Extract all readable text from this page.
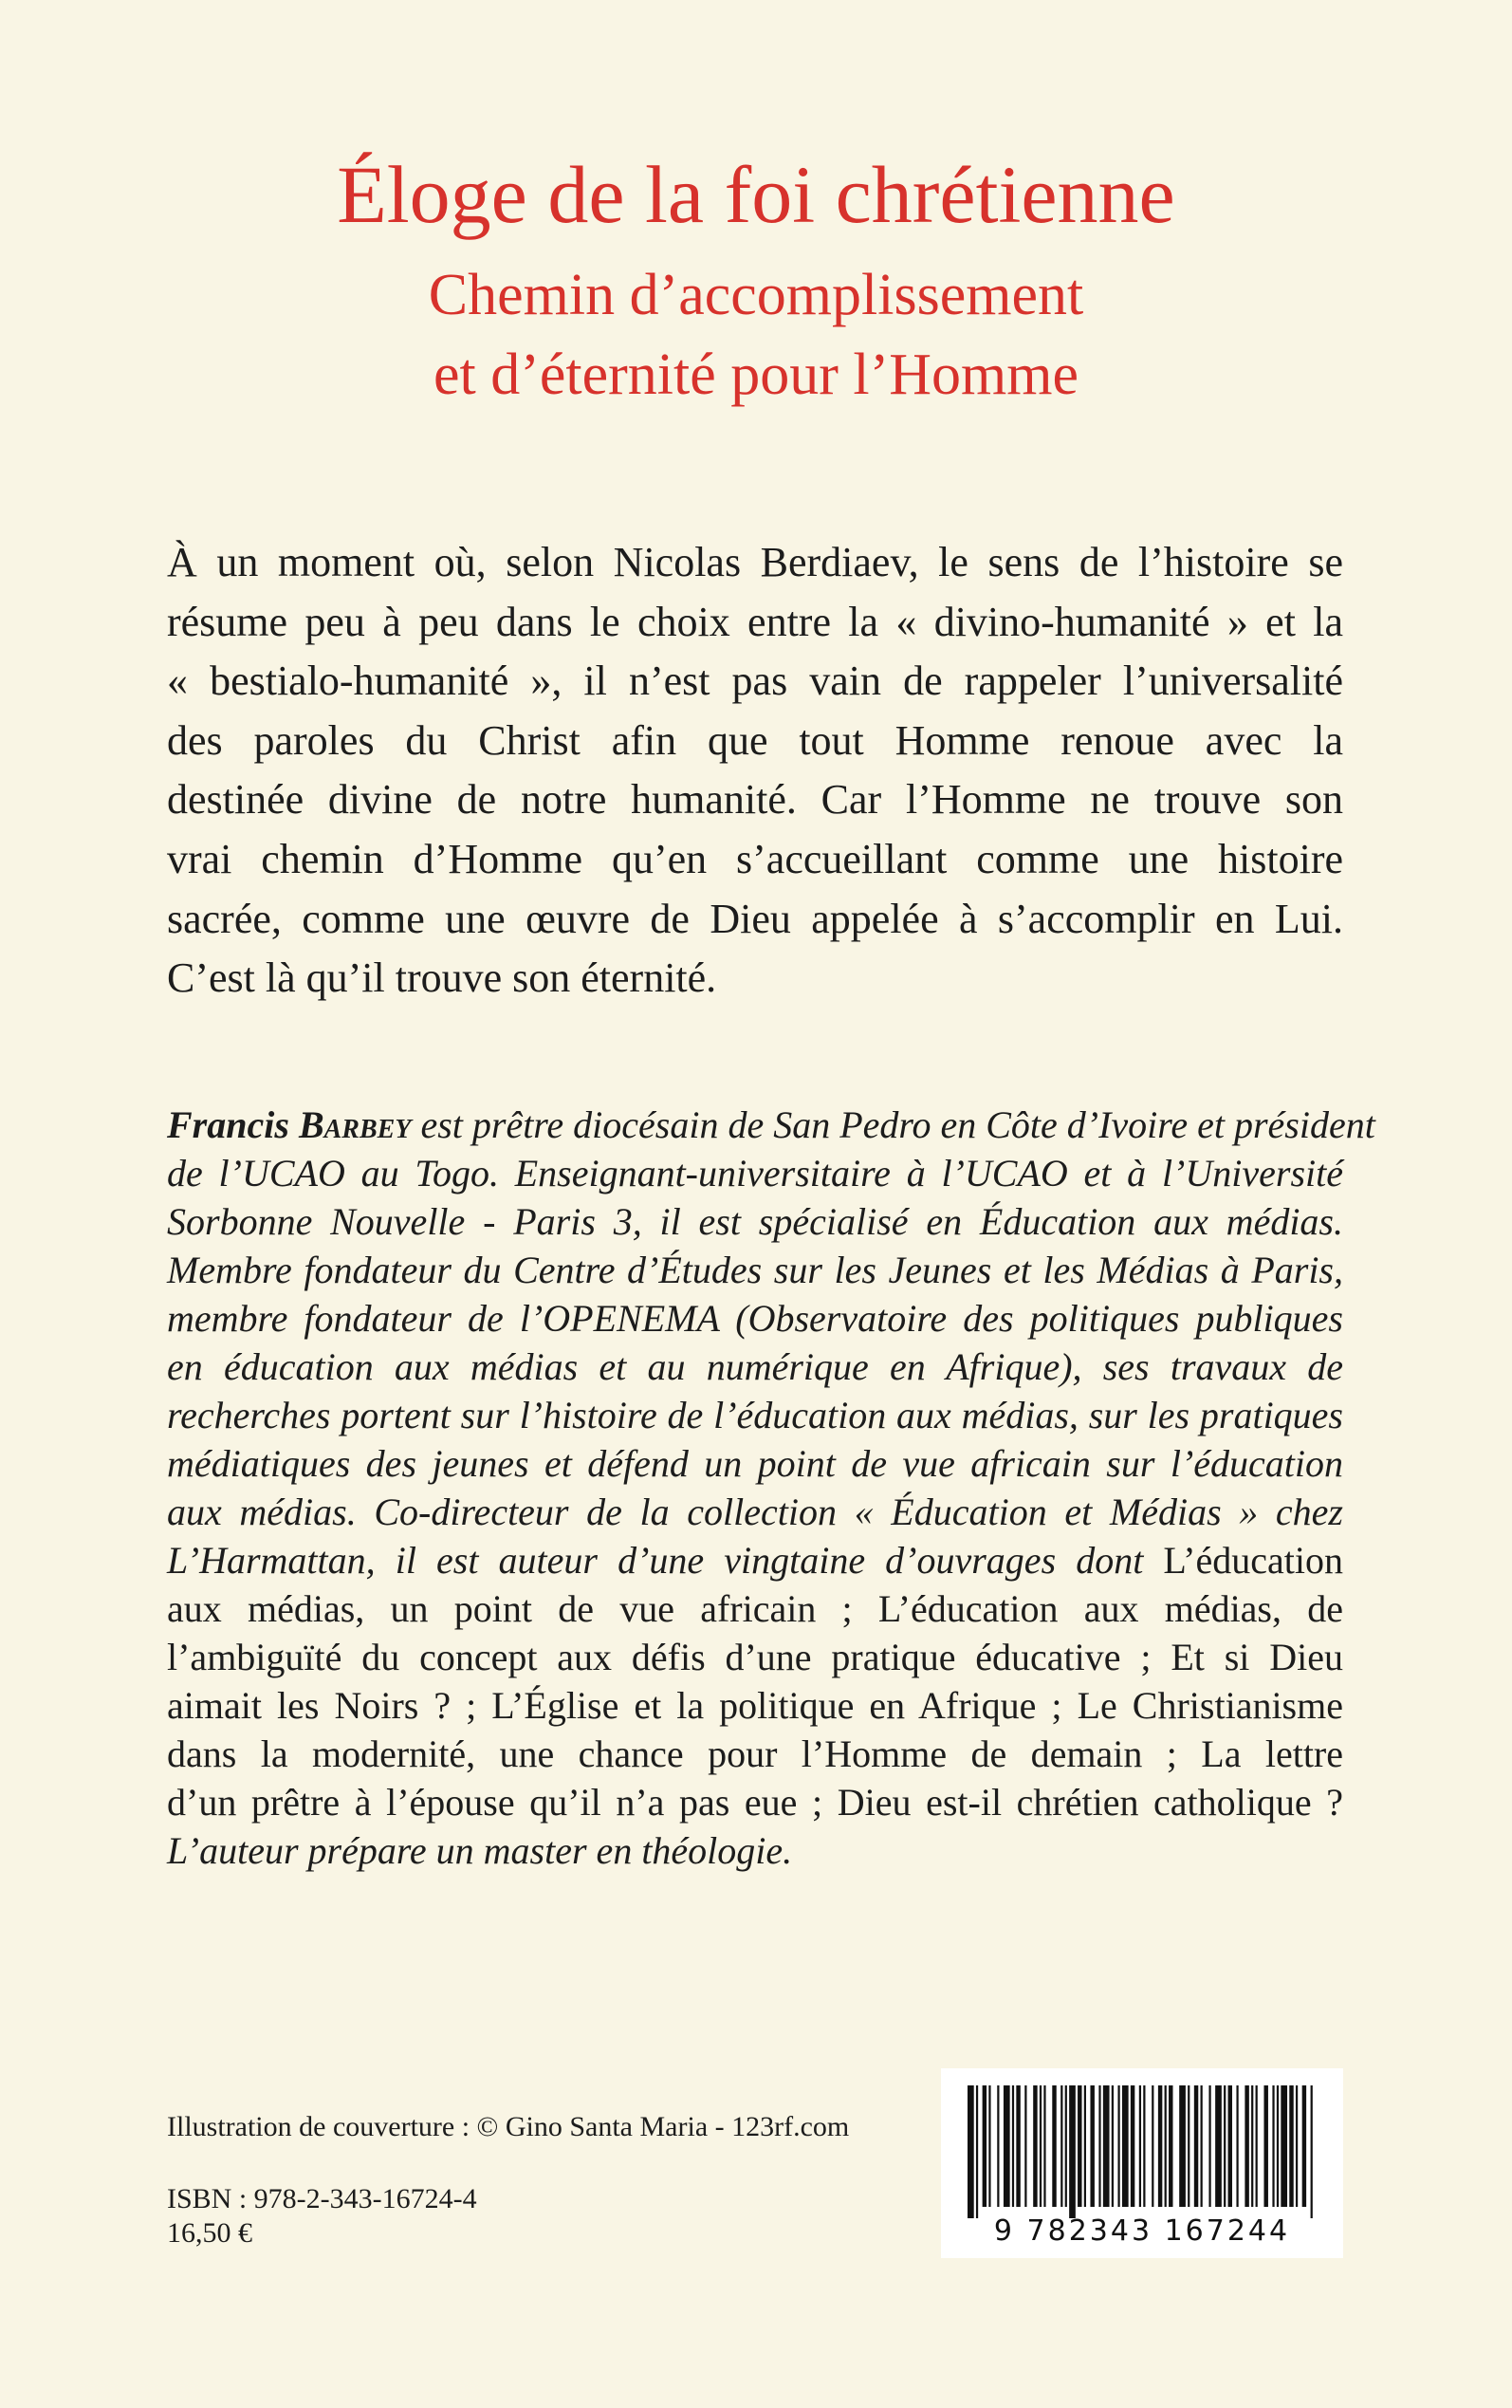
Éloge de la foi chrétienne
Chemin d’accomplissement
et d’éternité pour l’Homme

À un moment où, selon Nicolas Berdiaev, le sens de l’histoire se
résume peu à peu dans le choix entre la « divino-humanité » et la
« bestialo-humanité », il n’est pas vain de rappeler l’universalité
des paroles du Christ afin que tout Homme renoue avec la
destinée divine de notre humanité. Car l’Homme ne trouve son
vrai chemin d’Homme qu’en s’accueillant comme une histoire
sacrée, comme une œuvre de Dieu appelée à s’accomplir en Lui.
C’est là qu’il trouve son éternité.

Francis Barbey est prêtre diocésain de San Pedro en Côte d’Ivoire et président
de l’UCAO au Togo. Enseignant-universitaire à l’UCAO et à l’Université
Sorbonne Nouvelle - Paris 3, il est spécialisé en Éducation aux médias.
Membre fondateur du Centre d’Études sur les Jeunes et les Médias à Paris,
membre fondateur de l’OPENEMA (Observatoire des politiques publiques
en éducation aux médias et au numérique en Afrique), ses travaux de
recherches portent sur l’histoire de l’éducation aux médias, sur les pratiques
médiatiques des jeunes et défend un point de vue africain sur l’éducation
aux médias. Co-directeur de la collection « Éducation et Médias » chez
L’Harmattan, il est auteur d’une vingtaine d’ouvrages dont L’éducation
aux médias, un point de vue africain ; L’éducation aux médias, de
l’ambiguïté du concept aux défis d’une pratique éducative ; Et si Dieu
aimait les Noirs ? ; L’Église et la politique en Afrique ; Le Christianisme
dans la modernité, une chance pour l’Homme de demain ; La lettre
d’un prêtre à l’épouse qu’il n’a pas eue ; Dieu est-il chrétien catholique ?
L’auteur prépare un master en théologie.

Illustration de couverture : © Gino Santa Maria - 123rf.com
ISBN : 978-2-343-16724-4
16,50 €	9 782343 167244
